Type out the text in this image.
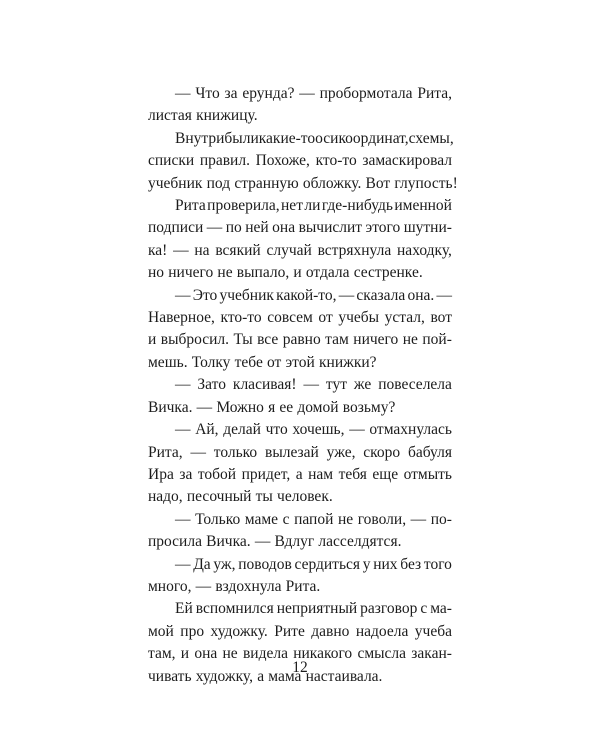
— Что за ерунда? — пробормотала Рита,
листая книжицу.
Внутри были какие-то оси координат, схемы,
списки правил. Похоже, кто-то замаскировал
учебник под странную обложку. Вот глупость!
Рита проверила, нет ли где-нибудь именной
подписи — по ней она вычислит этого шутни-
ка! — на всякий случай встряхнула находку,
но ничего не выпало, и отдала сестренке.
— Это учебник какой-то, — сказала она. —
Наверное, кто-то совсем от учебы устал, вот
и выбросил. Ты все равно там ничего не пой-
мешь. Толку тебе от этой книжки?
— Зато класивая! — тут же повеселела
Вичка. — Можно я ее домой возьму?
— Ай, делай что хочешь, — отмахнулась
Рита, — только вылезай уже, скоро бабуля
Ира за тобой придет, а нам тебя еще отмыть
надо, песочный ты человек.
— Только маме с папой не говоли, — по-
просила Вичка. — Вдлуг ласселдятся.
— Да уж, поводов сердиться у них без того
много, — вздохнула Рита.
Ей вспомнился неприятный разговор с ма-
мой про художку. Рите давно надоела учеба
там, и она не видела никакого смысла закан-
чивать художку, а мама настаивала.
12
